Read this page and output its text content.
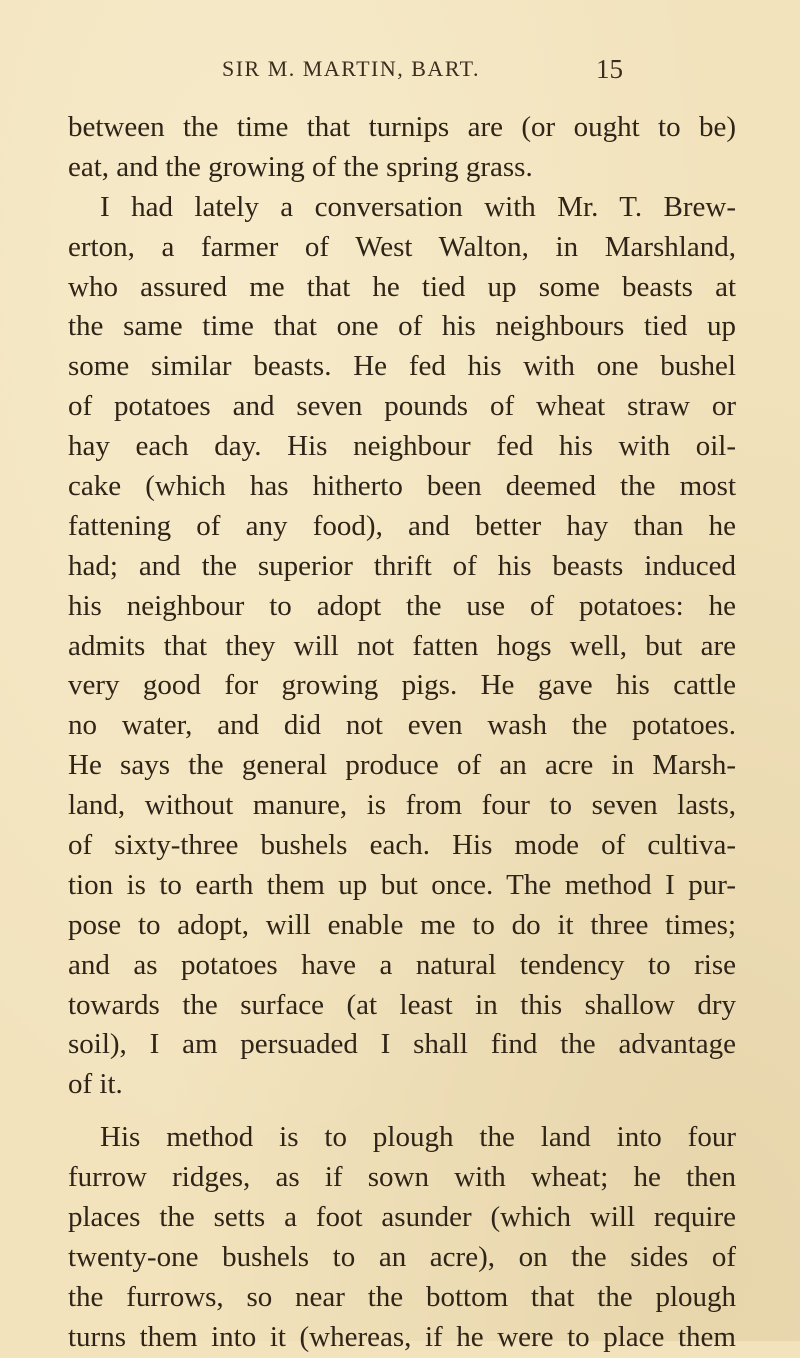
SIR M. MARTIN, BART.	15
between the time that turnips are (or ought to be)
eat, and the growing of the spring grass.
I had lately a conversation with Mr. T. Brew-
erton, a farmer of West Walton, in Marshland,
who assured me that he tied up some beasts at
the same time that one of his neighbours tied up
some similar beasts. He fed his with one bushel
of potatoes and seven pounds of wheat straw or
hay each day. His neighbour fed his with oil-
cake (which has hitherto been deemed the most
fattening of any food), and better hay than he
had; and the superior thrift of his beasts induced
his neighbour to adopt the use of potatoes: he
admits that they will not fatten hogs well, but are
very good for growing pigs. He gave his cattle
no water, and did not even wash the potatoes.
He says the general produce of an acre in Marsh-
land, without manure, is from four to seven lasts,
of sixty-three bushels each. His mode of cultiva-
tion is to earth them up but once. The method I pur-
pose to adopt, will enable me to do it three times;
and as potatoes have a natural tendency to rise
towards the surface (at least in this shallow dry
soil), I am persuaded I shall find the advantage
of it.
His method is to plough the land into four
furrow ridges, as if sown with wheat; he then
places the setts a foot asunder (which will require
twenty-one bushels to an acre), on the sides of
the furrows, so near the bottom that the plough
turns them into it (whereas, if he were to place them
